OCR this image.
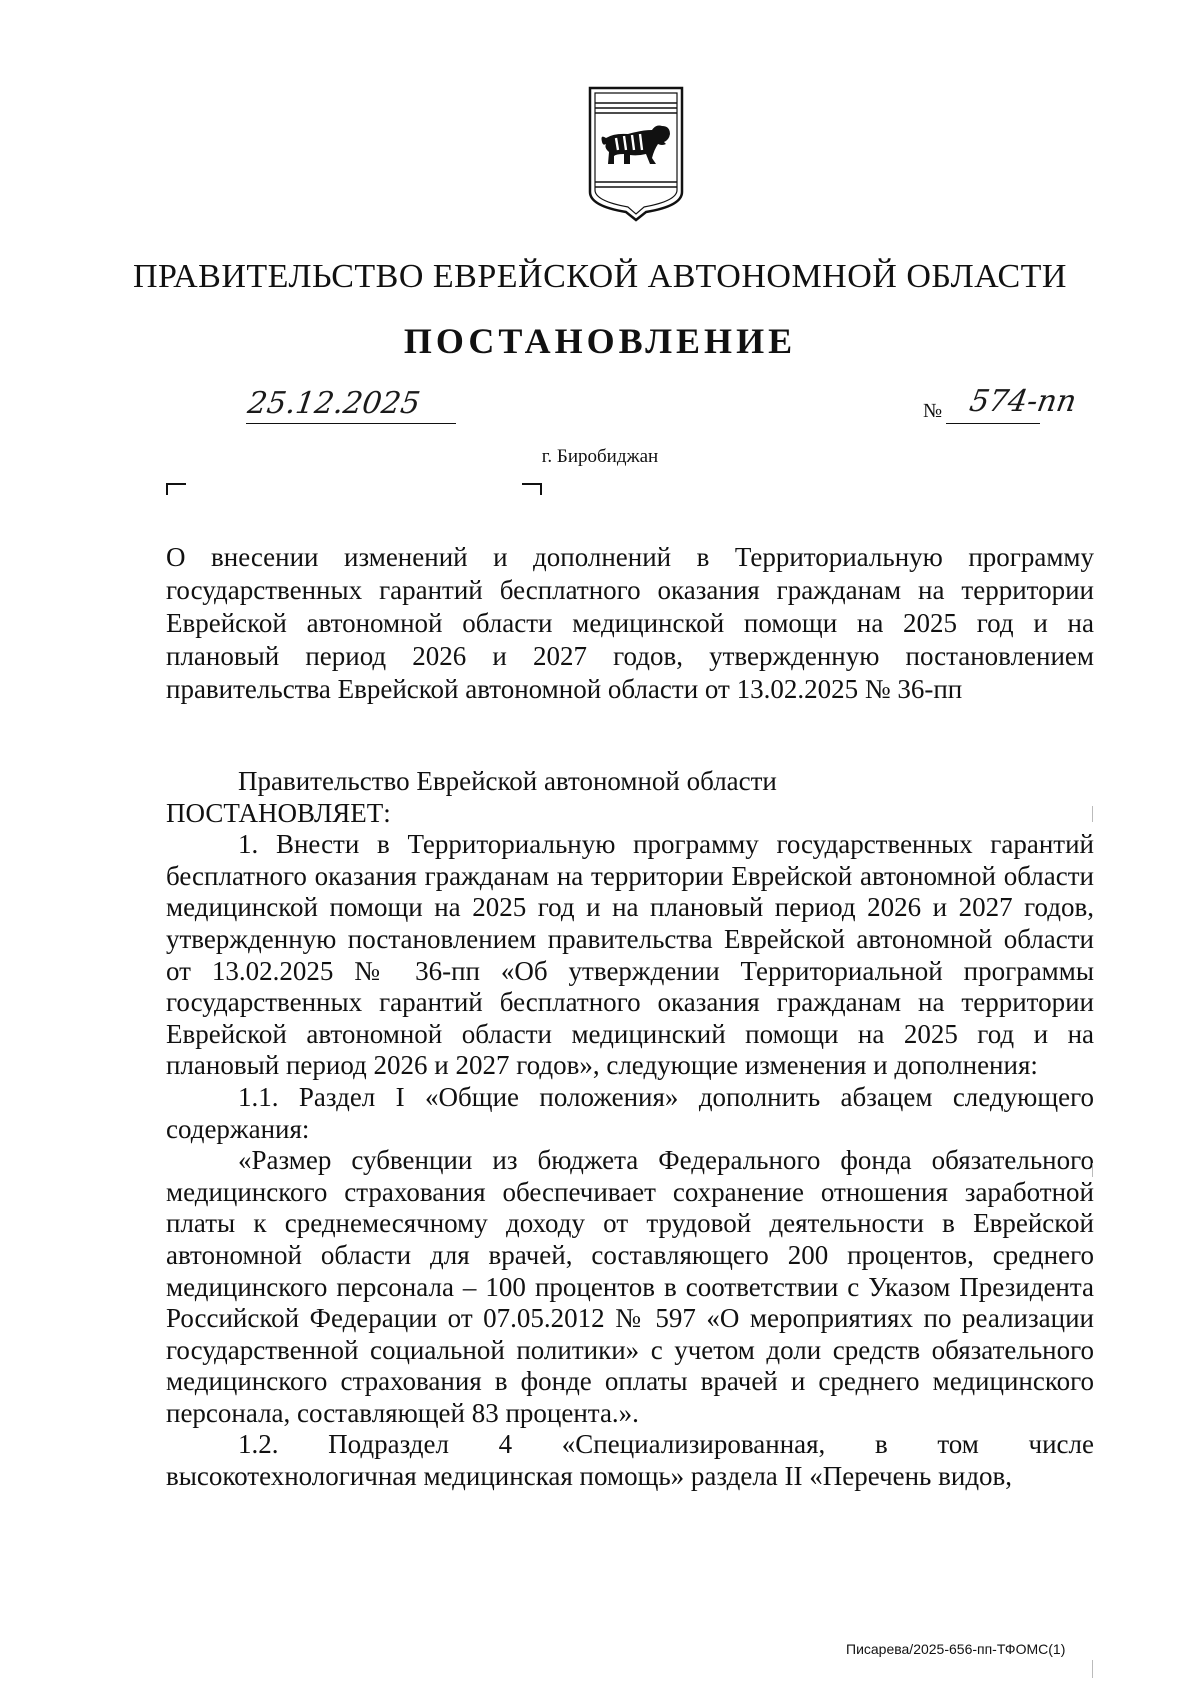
ПРАВИТЕЛЬСТВО ЕВРЕЙСКОЙ АВТОНОМНОЙ ОБЛАСТИ
ПОСТАНОВЛЕНИЕ
25.12.2025	№ 574-пп
г. Биробиджан
О внесении изменений и дополнений в Территориальную программу государственных гарантий бесплатного оказания гражданам на территории Еврейской автономной области медицинской помощи на 2025 год и на плановый период 2026 и 2027 годов, утвержденную постановлением правительства Еврейской автономной области от 13.02.2025 № 36-пп

Правительство Еврейской автономной области

ПОСТАНОВЛЯЕТ:

1. Внести в Территориальную программу государственных гарантий бесплатного оказания гражданам на территории Еврейской автономной области медицинской помощи на 2025 год и на плановый период 2026 и 2027 годов, утвержденную постановлением правительства Еврейской автономной области от 13.02.2025 № 36-пп «Об утверждении Территориальной программы государственных гарантий бесплатного оказания гражданам на территории Еврейской автономной области медицинский помощи на 2025 год и на плановый период 2026 и 2027 годов», следующие изменения и дополнения:

1.1. Раздел I «Общие положения» дополнить абзацем следующего содержания:

«Размер субвенции из бюджета Федерального фонда обязательного медицинского страхования обеспечивает сохранение отношения заработной платы к среднемесячному доходу от трудовой деятельности в Еврейской автономной области для врачей, составляющего 200 процентов, среднего медицинского персонала – 100 процентов в соответствии с Указом Президента Российской Федерации от 07.05.2012 № 597 «О мероприятиях по реализации государственной социальной политики» с учетом доли средств обязательного медицинского страхования в фонде оплаты врачей и среднего медицинского персонала, составляющей 83 процента.».

1.2. Подраздел 4 «Специализированная, в том числе высокотехнологичная медицинская помощь» раздела II «Перечень видов,

Писарева/2025-656-пп-ТФОМС(1)
